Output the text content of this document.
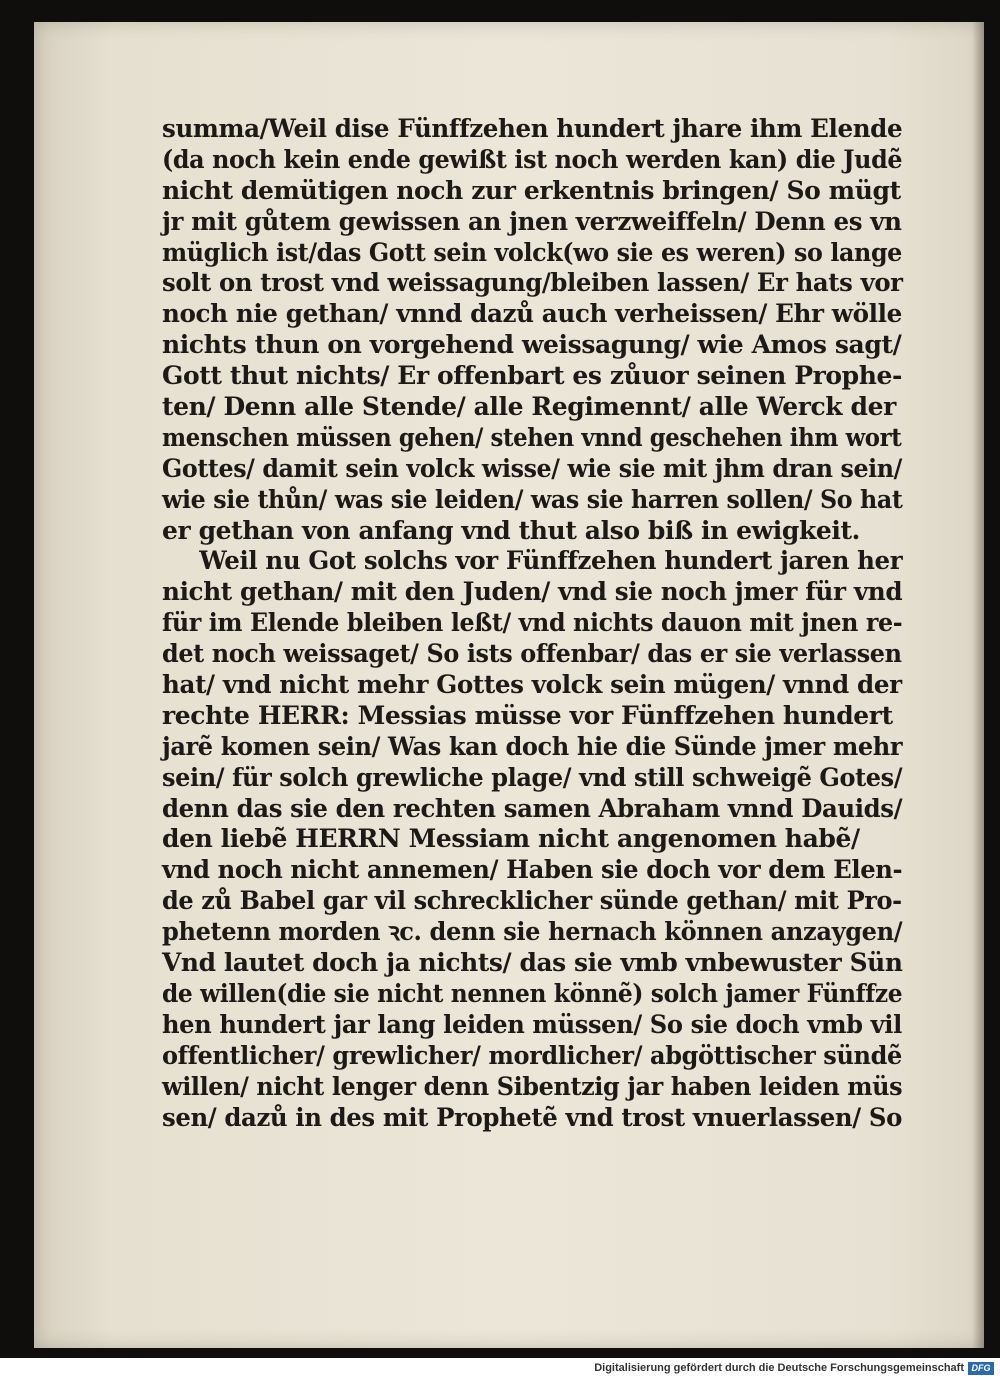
summa/Weil dise Fünffzehen hundert jhare ihm Elende
(da noch kein ende gewißt ist noch werden kan) die Judẽ
nicht demütigen noch zur erkentnis bringen/ So mügt
jr mit gůtem gewissen an jnen verzweiffeln/ Denn es vn
müglich ist/das Gott sein volck(wo sie es weren) so lange
solt on trost vnd weissagung/bleiben lassen/ Er hats vor
noch nie gethan/ vnnd dazů auch verheissen/ Ehr wölle
nichts thun on vorgehend weissagung/ wie Amos sagt/
Gott thut nichts/ Er offenbart es zůuor seinen Prophe-
ten/ Denn alle Stende/ alle Regimennt/ alle Werck der
menschen müssen gehen/ stehen vnnd geschehen ihm wort
Gottes/ damit sein volck wisse/ wie sie mit jhm dran sein/
wie sie thůn/ was sie leiden/ was sie harren sollen/ So hat
er gethan von anfang vnd thut also biß in ewigkeit.
Weil nu Got solchs vor Fünffzehen hundert jaren her
nicht gethan/ mit den Juden/ vnd sie noch jmer für vnd
für im Elende bleiben leßt/ vnd nichts dauon mit jnen re-
det noch weissaget/ So ists offenbar/ das er sie verlassen
hat/ vnd nicht mehr Gottes volck sein mügen/ vnnd der
rechte HERR: Messias müsse vor Fünffzehen hundert
jarẽ komen sein/ Was kan doch hie die Sünde jmer mehr
sein/ für solch grewliche plage/ vnd still schweigẽ Gotes/
denn das sie den rechten samen Abraham vnnd Dauids/
den liebẽ HERRN Messiam nicht angenomen habẽ/
vnd noch nicht annemen/ Haben sie doch vor dem Elen-
de zů Babel gar vil schrecklicher sünde gethan/ mit Pro-
phetenn morden ꝛc. denn sie hernach können anzaygen/
Vnd lautet doch ja nichts/ das sie vmb vnbewuster Sün
de willen(die sie nicht nennen könnẽ) solch jamer Fünffze
hen hundert jar lang leiden müssen/ So sie doch vmb vil
offentlicher/ grewlicher/ mordlicher/ abgöttischer sündẽ
willen/ nicht lenger denn Sibentzig jar haben leiden müs
sen/ dazů in des mit Prophetẽ vnd trost vnuerlassen/ So
Digitalisierung gefördert durch die Deutsche Forschungsgemeinschaft DFG
